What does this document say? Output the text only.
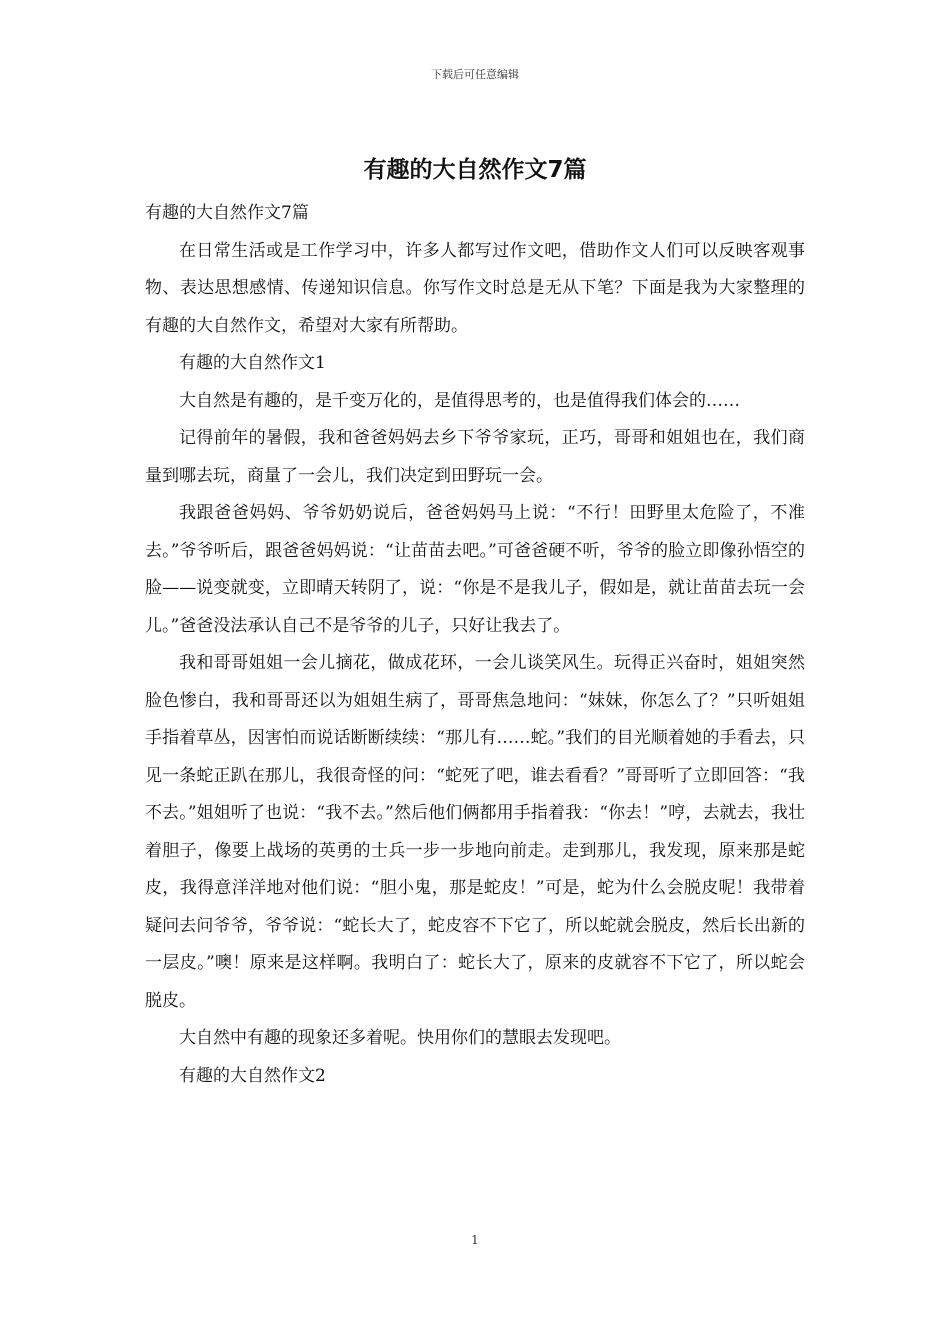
下载后可任意编辑
有趣的大自然作文7篇

有趣的大自然作文7篇

在日常生活或是工作学习中，许多人都写过作文吧，借助作文人们可以反映客观事物、表达思想感情、传递知识信息。你写作文时总是无从下笔？下面是我为大家整理的有趣的大自然作文，希望对大家有所帮助。

有趣的大自然作文1

大自然是有趣的，是千变万化的，是值得思考的，也是值得我们体会的……

记得前年的暑假，我和爸爸妈妈去乡下爷爷家玩，正巧，哥哥和姐姐也在，我们商量到哪去玩，商量了一会儿，我们决定到田野玩一会。

我跟爸爸妈妈、爷爷奶奶说后，爸爸妈妈马上说：“不行！田野里太危险了，不准去。”爷爷听后，跟爸爸妈妈说：“让苗苗去吧。”可爸爸硬不听，爷爷的脸立即像孙悟空的脸——说变就变，立即晴天转阴了，说：“你是不是我儿子，假如是，就让苗苗去玩一会儿。”爸爸没法承认自己不是爷爷的儿子，只好让我去了。

我和哥哥姐姐一会儿摘花，做成花环，一会儿谈笑风生。玩得正兴奋时，姐姐突然脸色惨白，我和哥哥还以为姐姐生病了，哥哥焦急地问：“妹妹，你怎么了？”只听姐姐手指着草丛，因害怕而说话断断续续：“那儿有……蛇。”我们的目光顺着她的手看去，只见一条蛇正趴在那儿，我很奇怪的问：“蛇死了吧，谁去看看？”哥哥听了立即回答：“我不去。”姐姐听了也说：“我不去。”然后他们俩都用手指着我：“你去！”哼，去就去，我壮着胆子，像要上战场的英勇的士兵一步一步地向前走。走到那儿，我发现，原来那是蛇皮，我得意洋洋地对他们说：“胆小鬼，那是蛇皮！”可是，蛇为什么会脱皮呢！我带着疑问去问爷爷，爷爷说：“蛇长大了，蛇皮容不下它了，所以蛇就会脱皮，然后长出新的一层皮。”噢！原来是这样啊。我明白了：蛇长大了，原来的皮就容不下它了，所以蛇会脱皮。

大自然中有趣的现象还多着呢。快用你们的慧眼去发现吧。

有趣的大自然作文2

1
